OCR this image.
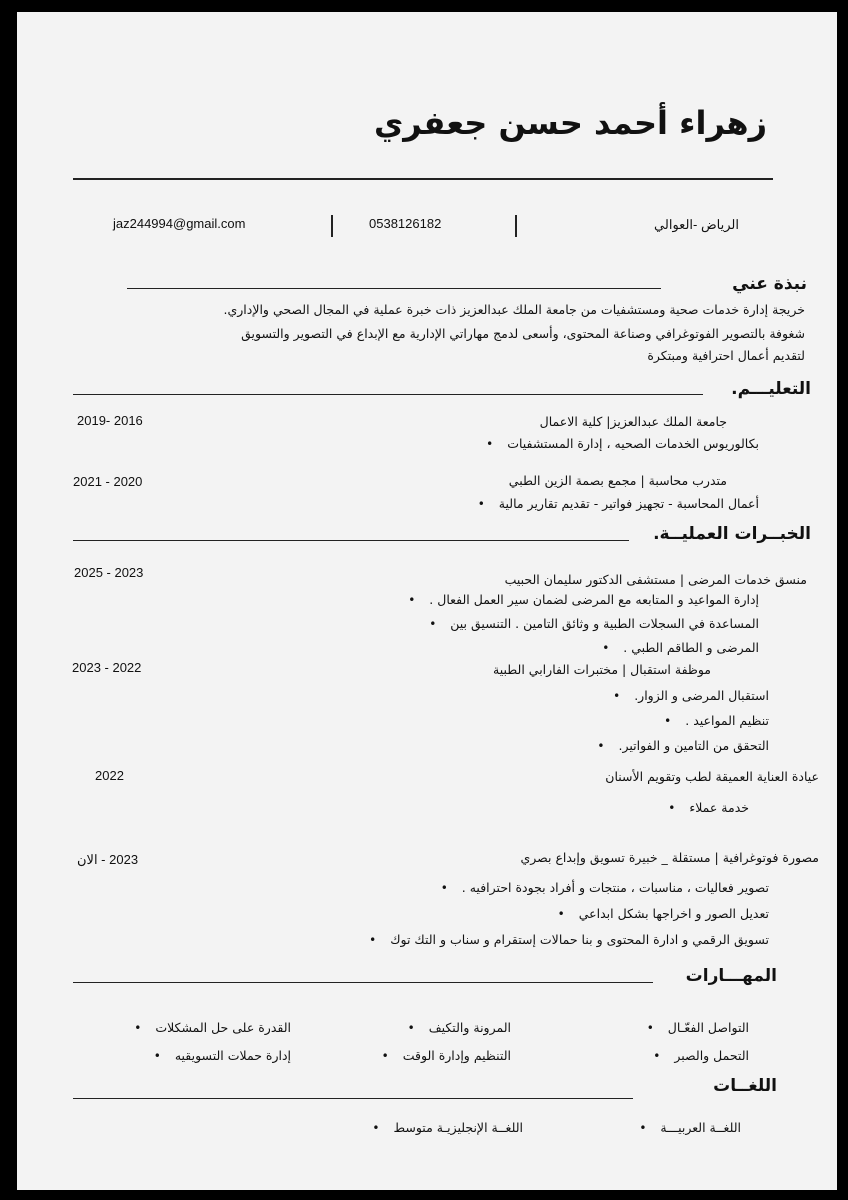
زهراء أحمد حسن جعفري
jaz244994@gmail.com	0538126182	الرياض -العوالي
نبذة عني
خريجة إدارة خدمات صحية ومستشفيات من جامعة الملك عبدالعزيز ذات خبرة عملية في المجال الصحي والإداري.
شغوفة بالتصوير الفوتوغرافي وصناعة المحتوى، وأسعى لدمج مهاراتي الإدارية مع الإبداع في التصوير والتسويق
لتقديم أعمال احترافية ومبتكرة
التعليـــم.
جامعة الملك عبدالعزيز| كلية الاعمال
2019- 2016
بكالوريوس الخدمات الصحيه ، إدارة المستشفيات •
متدرب محاسبة | مجمع بصمة الزين الطبي
2021 - 2020
أعمال المحاسبة - تجهيز فواتير - تقديم تقارير مالية •
الخبــرات العمليــة.
2025 - 2023	منسق خدمات المرضى | مستشفى الدكتور سليمان الحبيب
إدارة المواعيد و المتابعه مع المرضى لضمان سير العمل الفعال . •
المساعدة في السجلات الطبية و وثائق التامين . التنسيق بين •
المرضى و الطاقم الطبي . •
2023 - 2022	موظفة استقبال | مختبرات الفارابي الطبية
استقبال المرضى و الزوار. •
تنظيم المواعيد . •
التحقق من التامين و الفواتير. •
2022	عيادة العناية العميقة لطب وتقويم الأسنان
خدمة عملاء •
مصورة فوتوغرافية | مستقلة _ خبيرة تسويق وإبداع بصري
2023 - الان
تصوير فعاليات ، مناسبات ، منتجات و أفراد بجودة احترافيه . •
تعديل الصور و اخراجها بشكل ابداعي •
تسويق الرقمي و ادارة المحتوى و بنا حمالات إستقرام و سناب و التك توك •
المهـــارات
التواصل الفعّـال •
المرونة والتكيف •
القدرة على حل المشكلات •
التحمل والصبر •
التنظيم وإدارة الوقت •
إدارة حملات التسويقيه •
اللغــات
اللغــة العربيـــة •
اللغــة الإنجليزيـة متوسط •
